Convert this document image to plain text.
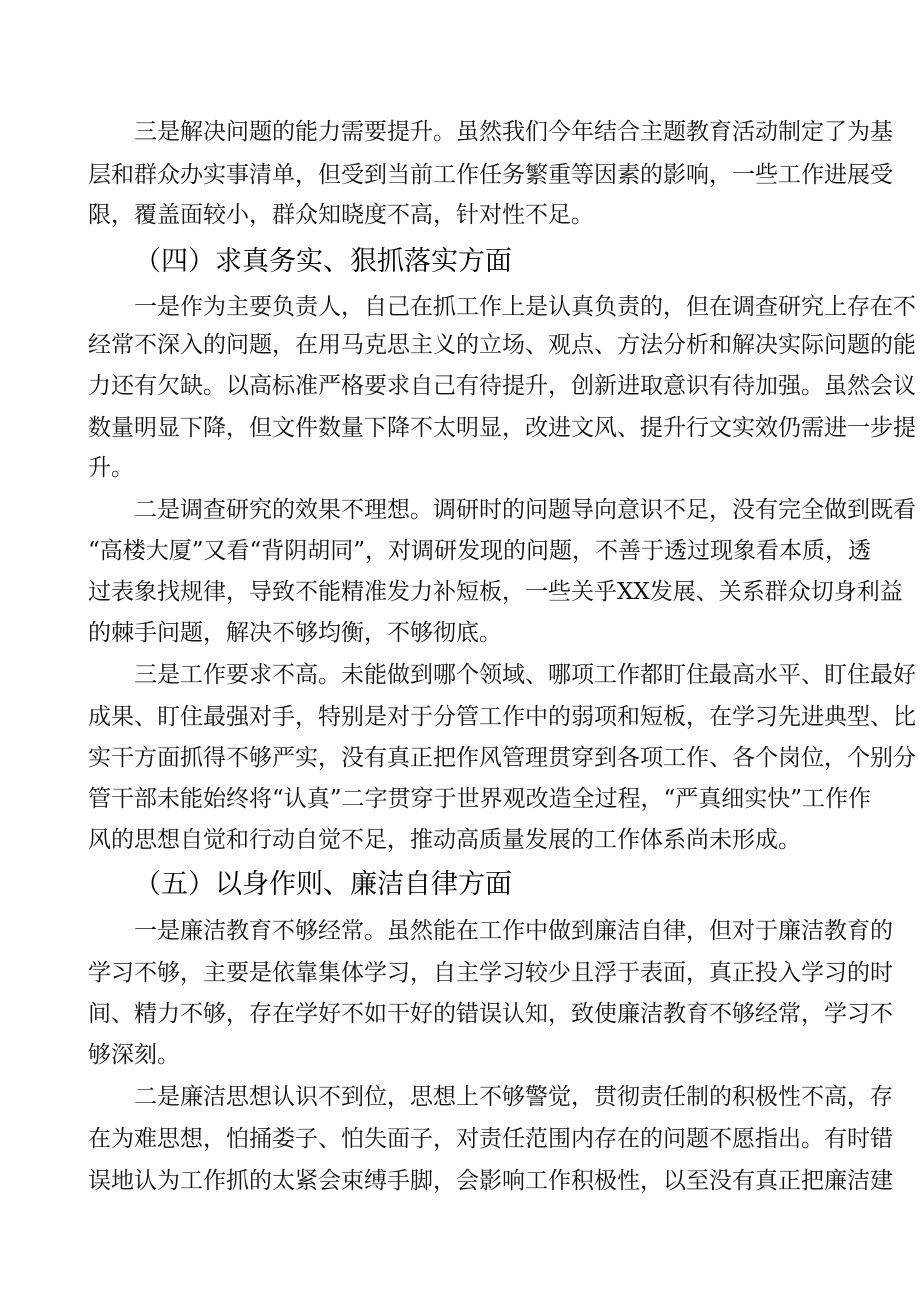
三是解决问题的能力需要提升。虽然我们今年结合主题教育活动制定了为基
层和群众办实事清单，但受到当前工作任务繁重等因素的影响，一些工作进展受
限，覆盖面较小，群众知晓度不高，针对性不足。
（四）求真务实、狠抓落实方面
一是作为主要负责人，自己在抓工作上是认真负责的，但在调查研究上存在不
经常不深入的问题，在用马克思主义的立场、观点、方法分析和解决实际问题的能
力还有欠缺。以高标准严格要求自己有待提升，创新进取意识有待加强。虽然会议
数量明显下降，但文件数量下降不太明显，改进文风、提升行文实效仍需进一步提
升。
二是调查研究的效果不理想。调研时的问题导向意识不足，没有完全做到既看
“高楼大厦”又看“背阴胡同”，对调研发现的问题，不善于透过现象看本质，透
过表象找规律，导致不能精准发力补短板，一些关乎XX发展、关系群众切身利益
的棘手问题，解决不够均衡，不够彻底。
三是工作要求不高。未能做到哪个领域、哪项工作都盯住最高水平、盯住最好
成果、盯住最强对手，特别是对于分管工作中的弱项和短板，在学习先进典型、比
实干方面抓得不够严实，没有真正把作风管理贯穿到各项工作、各个岗位，个别分
管干部未能始终将“认真”二字贯穿于世界观改造全过程，“严真细实快”工作作
风的思想自觉和行动自觉不足，推动高质量发展的工作体系尚未形成。
（五）以身作则、廉洁自律方面
一是廉洁教育不够经常。虽然能在工作中做到廉洁自律，但对于廉洁教育的
学习不够，主要是依靠集体学习，自主学习较少且浮于表面，真正投入学习的时
间、精力不够，存在学好不如干好的错误认知，致使廉洁教育不够经常，学习不
够深刻。
二是廉洁思想认识不到位，思想上不够警觉，贯彻责任制的积极性不高，存
在为难思想，怕捅娄子、怕失面子，对责任范围内存在的问题不愿指出。有时错
误地认为工作抓的太紧会束缚手脚，会影响工作积极性，以至没有真正把廉洁建
